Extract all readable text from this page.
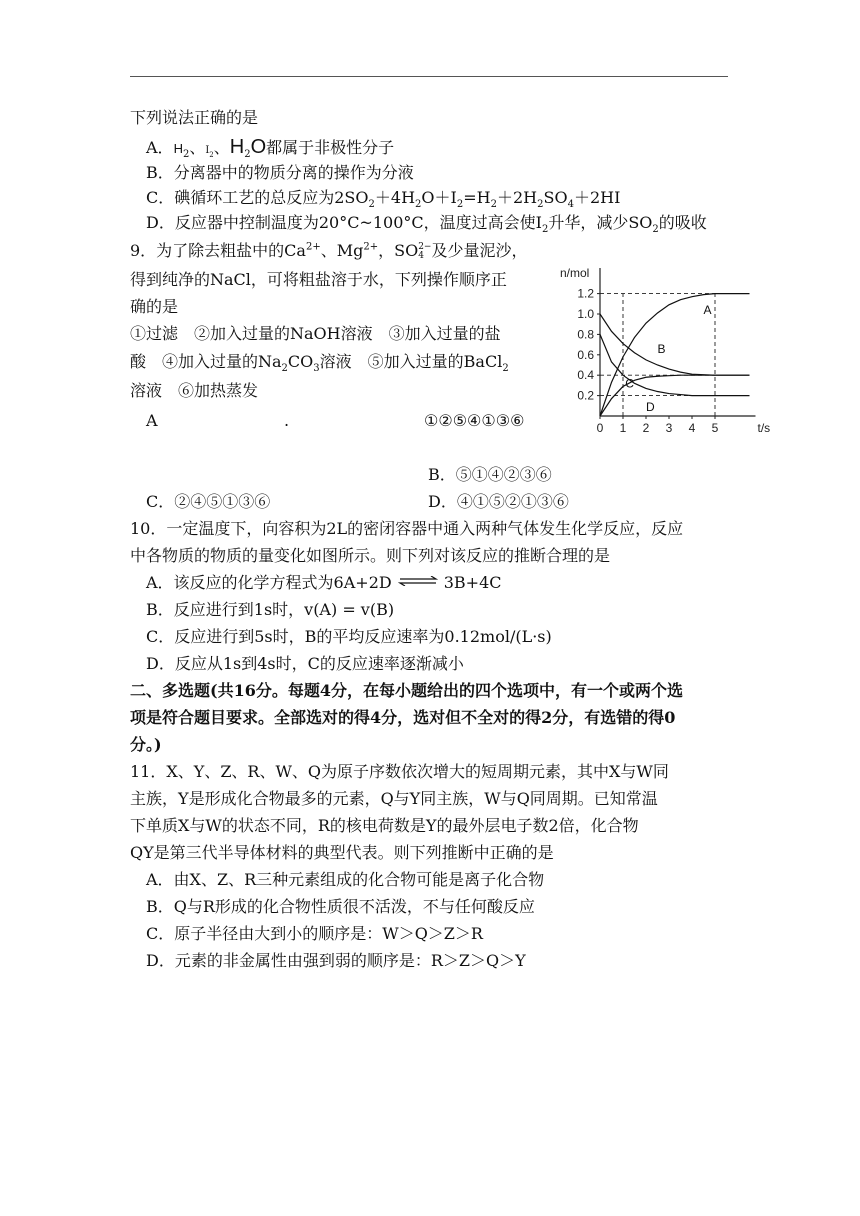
下列说法正确的是
A．$H_2$、$I_2$、$H_2O$都属于非极性分子
B．分离器中的物质分离的操作为分液
C．碘循环工艺的总反应为$2SO_2+4H_2O+I_2=H_2+2H_2SO_4+2HI$
D．反应器中控制温度为20°C~100°C，温度过高会使$I_2$升华，减少$SO_2$的吸收
9．为了除去粗盐中的$Ca^{2+}$、$Mg^{2+}$，SO 2−
4 及少量泥沙，
得到纯净的NaCl，可将粗盐溶于水，下列操作顺序正
确的是
①过滤　②加入过量的NaOH溶液　③加入过量的盐
酸　④加入过量的$Na_2CO_3$溶液　⑤加入过量的BaCl$_2$
溶液　⑥加热蒸发
A	.	①②⑤④①③⑥
B．⑤①④②③⑥
C．②④⑤①③⑥	D．④①⑤②①③⑥
n/mol
t/s
0.2
0.4
0.6
0.8
1.0
1.2
0 1 2 3 4 5
A
B
C
D
10．一定温度下，向容积为2L的密闭容器中通入两种气体发生化学反应，反应
中各物质的物质的量变化如图所示。则下列对该反应的推断合理的是
A．该反应的化学方程式为6A+2D ⇌ 3B+4C
B．反应进行到1s时，v(A) = v(B)
C．反应进行到5s时，B的平均反应速率为0.12mol/(L·s)
D．反应从1s到4s时，C的反应速率逐渐减小
二、多选题(共16分。每题4分，在每小题给出的四个选项中，有一个或两个选
项是符合题目要求。全部选对的得4分，选对但不全对的得2分，有选错的得0
分。)
11．X、Y、Z、R、W、Q为原子序数依次增大的短周期元素，其中X与W同
主族，Y是形成化合物最多的元素，Q与Y同主族，W与Q同周期。已知常温
下单质X与W的状态不同，R的核电荷数是Y的最外层电子数2倍，化合物
QY是第三代半导体材料的典型代表。则下列推断中正确的是
A．由X、Z、R三种元素组成的化合物可能是离子化合物
B．Q与R形成的化合物性质很不活泼，不与任何酸反应
C．原子半径由大到小的顺序是：W＞Q＞Z＞R
D．元素的非金属性由强到弱的顺序是：R＞Z＞Q＞Y
